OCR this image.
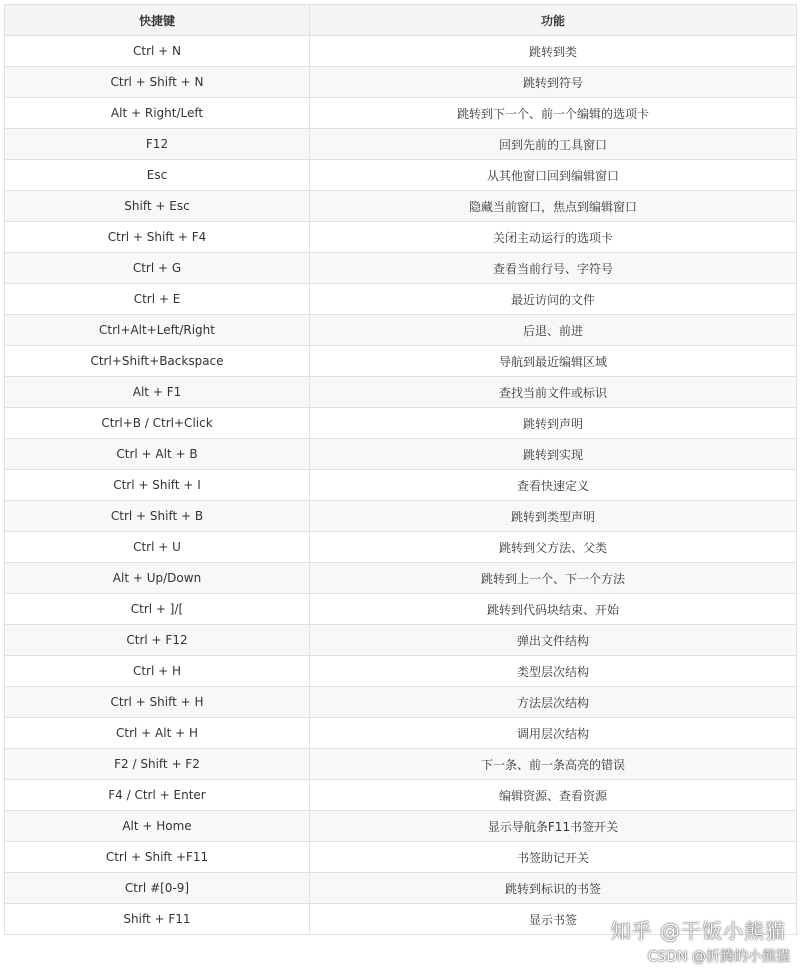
快捷键	功能
Ctrl + N	跳转到类
Ctrl + Shift + N	跳转到符号
Alt + Right/Left	跳转到下一个、前一个编辑的选项卡
F12	回到先前的工具窗口
Esc	从其他窗口回到编辑窗口
Shift + Esc	隐藏当前窗口，焦点到编辑窗口
Ctrl + Shift + F4	关闭主动运行的选项卡
Ctrl + G	查看当前行号、字符号
Ctrl + E	最近访问的文件
Ctrl+Alt+Left/Right	后退、前进
Ctrl+Shift+Backspace	导航到最近编辑区域
Alt + F1	查找当前文件或标识
Ctrl+B / Ctrl+Click	跳转到声明
Ctrl + Alt + B	跳转到实现
Ctrl + Shift + I	查看快速定义
Ctrl + Shift + B	跳转到类型声明
Ctrl + U	跳转到父方法、父类
Alt + Up/Down	跳转到上一个、下一个方法
Ctrl + ]/[	跳转到代码块结束、开始
Ctrl + F12	弹出文件结构
Ctrl + H	类型层次结构
Ctrl + Shift + H	方法层次结构
Ctrl + Alt + H	调用层次结构
F2 / Shift + F2	下一条、前一条高亮的错误
F4 / Ctrl + Enter	编辑资源、查看资源
Alt + Home	显示导航条F11书签开关
Ctrl + Shift +F11	书签助记开关
Ctrl #[0-9]	跳转到标识的书签
Shift + F11	显示书签 知乎 @干饭小熊猫
CSDN @折腾的小熊猫
